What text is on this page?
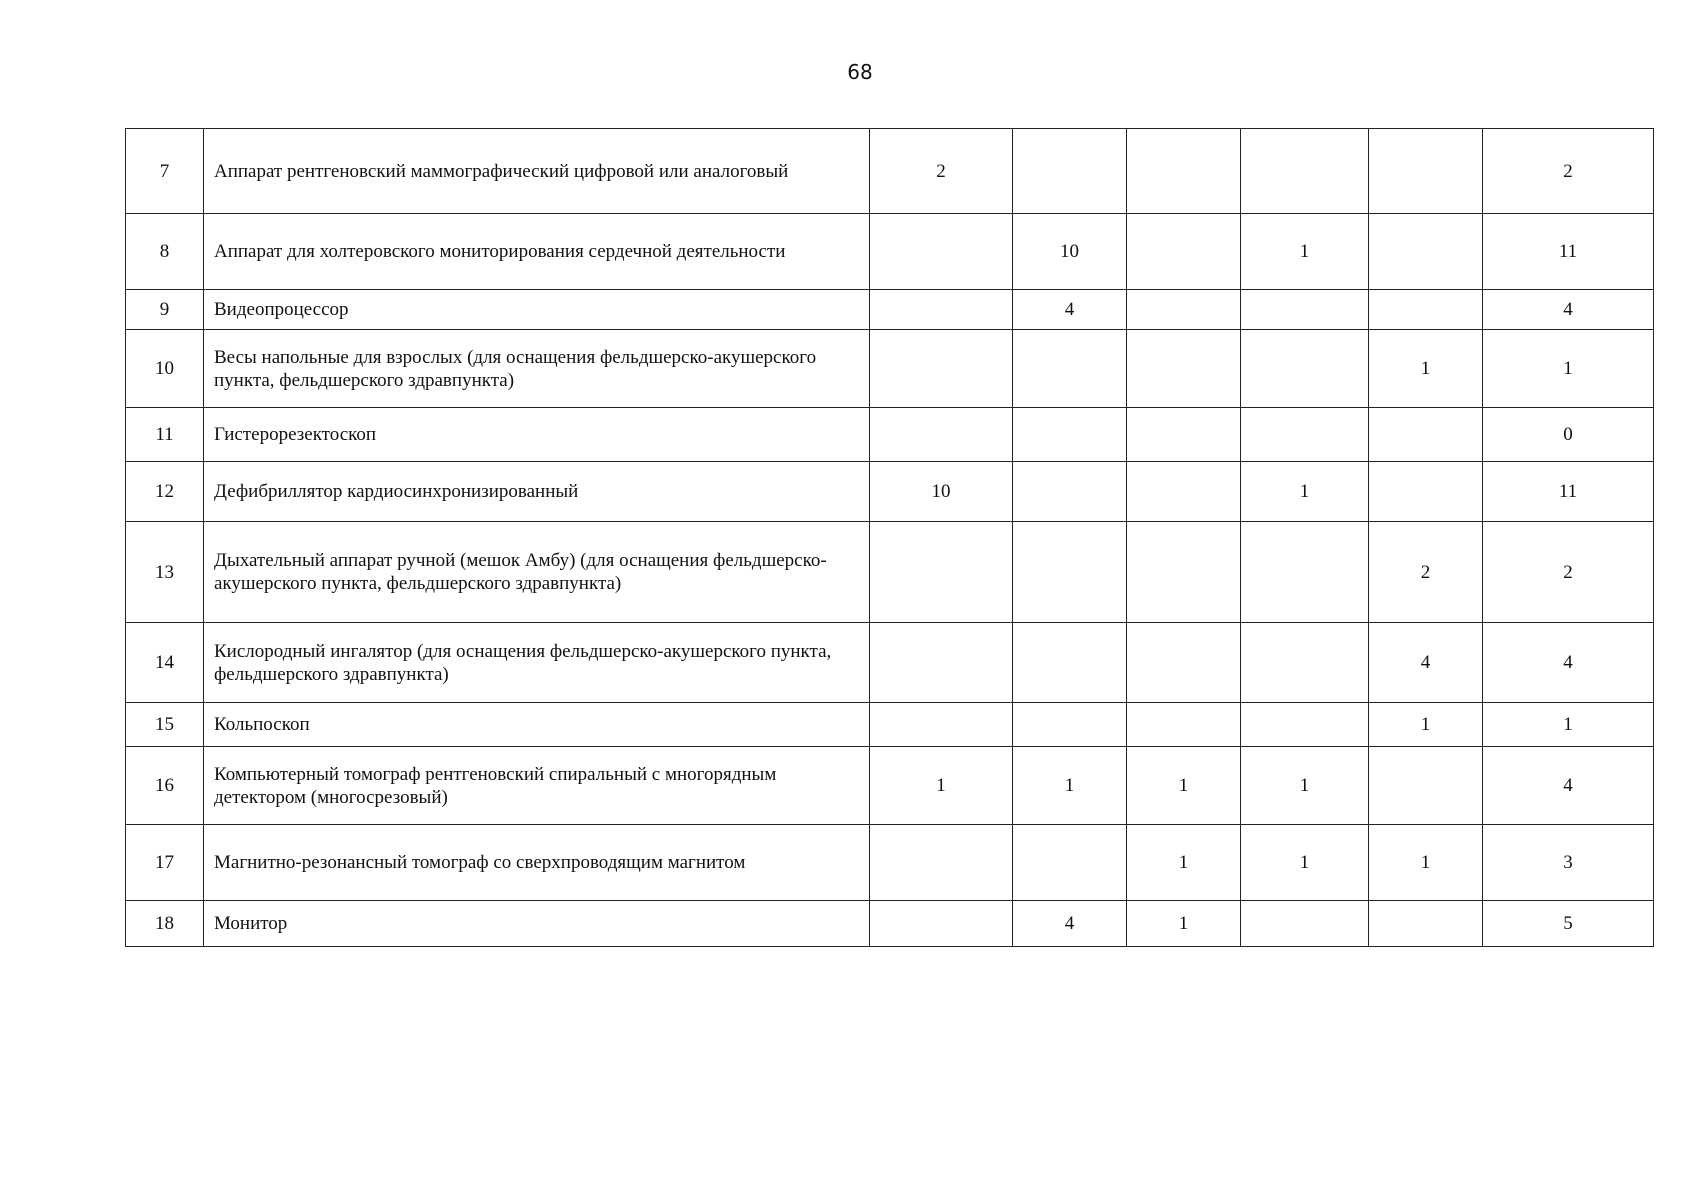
68
7	Аппарат рентгеновский маммографический цифровой или аналоговый	2					2
8	Аппарат для холтеровского мониторирования сердечной деятельности		10		1		11
9	Видеопроцессор		4				4
10	Весы напольные для взрослых (для оснащения фельдшерско-акушерского пункта, фельдшерского здравпункта)					1	1
11	Гистерорезектоскоп						0
12	Дефибриллятор кардиосинхронизированный	10			1		11
13	Дыхательный аппарат ручной (мешок Амбу) (для оснащения фельдшерско-акушерского пункта, фельдшерского здравпункта)					2	2
14	Кислородный ингалятор (для оснащения фельдшерско-акушерского пункта, фельдшерского здравпункта)					4	4
15	Кольпоскоп					1	1
16	Компьютерный томограф рентгеновский спиральный с многорядным детектором (многосрезовый)	1	1	1	1		4
17	Магнитно-резонансный томограф со сверхпроводящим магнитом			1	1	1	3
18	Монитор		4	1			5
